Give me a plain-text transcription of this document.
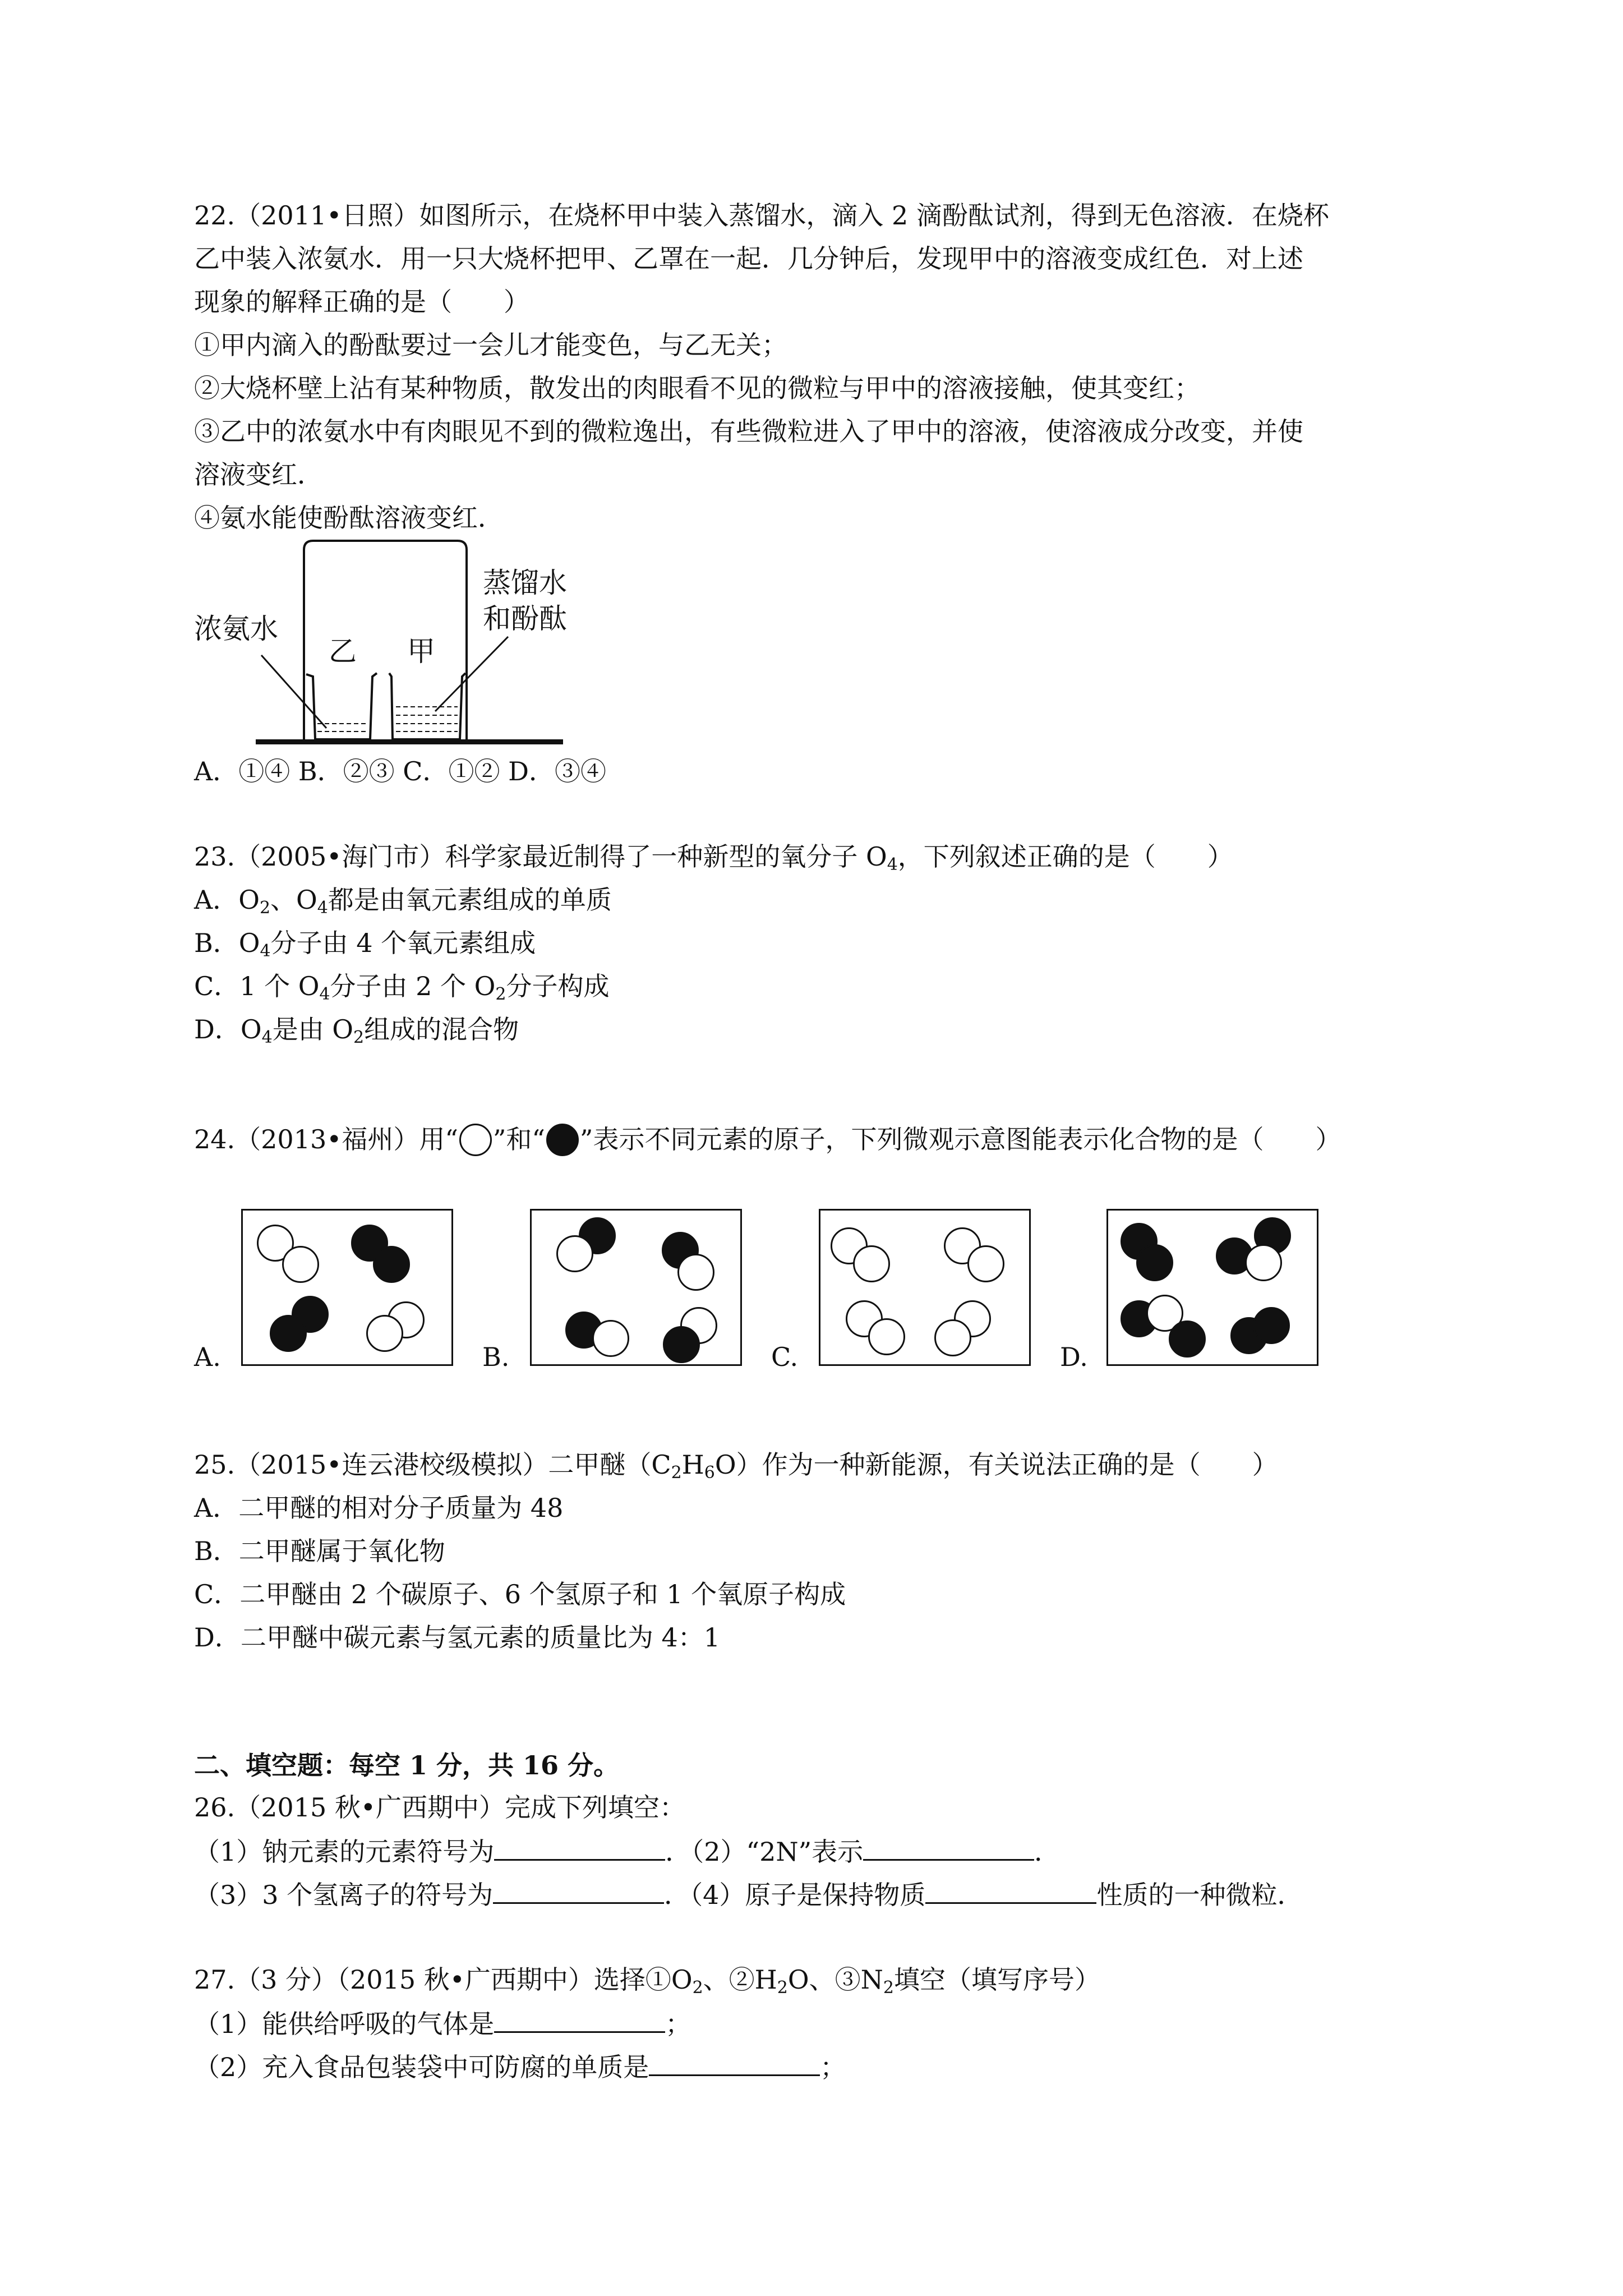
22.（2011•日照）如图所示，在烧杯甲中装入蒸馏水，滴入 2 滴酚酞试剂，得到无色溶液．在烧杯
乙中装入浓氨水．用一只大烧杯把甲、乙罩在一起．几分钟后，发现甲中的溶液变成红色．对上述
现象的解释正确的是（　　）
①甲内滴入的酚酞要过一会儿才能变色，与乙无关；
②大烧杯壁上沾有某种物质，散发出的肉眼看不见的微粒与甲中的溶液接触，使其变红；
③乙中的浓氨水中有肉眼见不到的微粒逸出，有些微粒进入了甲中的溶液，使溶液成分改变，并使
溶液变红．
④氨水能使酚酞溶液变红．
浓氨水
乙 甲
蒸馏水
和酚酞
A．①④ B．②③ C．①② D．③④
23.（2005•海门市）科学家最近制得了一种新型的氧分子 $O_4$，下列叙述正确的是（　　）
A．$O_2$、$O_4$都是由氧元素组成的单质
B．$O_4$分子由 4 个氧元素组成
C．1 个 $O_4$分子由 2 个 $O_2$分子构成
D．$O_4$是由 $O_2$组成的混合物
24.（2013•福州）用“ ”和“ ”表示不同元素的原子，下列微观示意图能表示化合物的是（　　）
A.	B.	C.	D.
25.（2015•连云港校级模拟）二甲醚$(C_2H_6O)$作为一种新能源，有关说法正确的是（　　）
A．二甲醚的相对分子质量为 48
B．二甲醚属于氧化物
C．二甲醚由 2 个碳原子、6 个氢原子和 1 个氧原子构成
D．二甲醚中碳元素与氢元素的质量比为 4：1
二、填空题：每空 1 分，共 16 分。
26.（2015 秋•广西期中）完成下列填空：
（1）钠元素的元素符号为	．（2）“2N”表示	．
（3）3 个氢离子的符号为	．（4）原子是保持物质	性质的一种微粒．
27.（3 分）（2015 秋•广西期中）选择$①O_2$、$②H_2O$、$③N_2$填空（填写序号）
（1）能供给呼吸的气体是	；
（2）充入食品包装袋中可防腐的单质是	；
